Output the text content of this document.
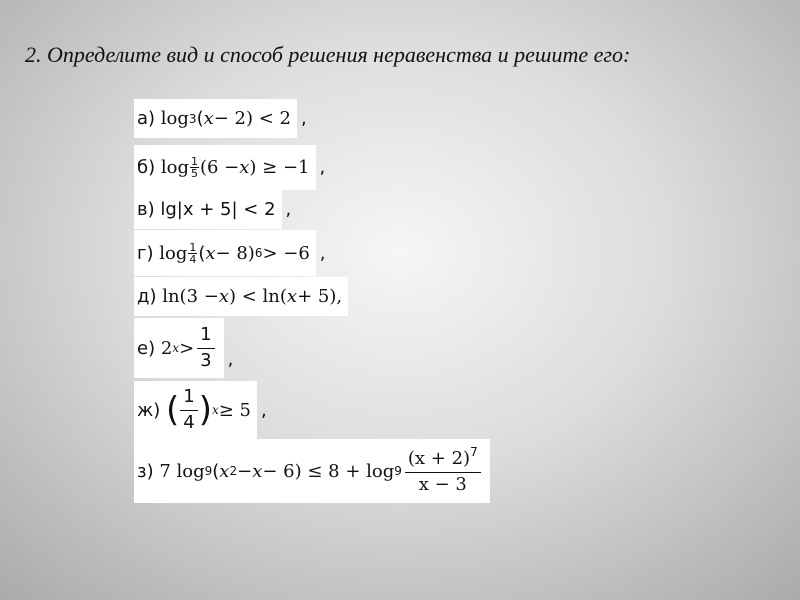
2. Определите вид и способ решения неравенства и решите его:
а)
log 3 ( x − 2) < 2 ,
б)
$\log \frac{1}{5} (6 - x$ ) ≥ −1 ,
в)
lg|x + 5| < 2 ,
г)
$\log \frac{1}{4}$ ( x − 8) 6 > −6 ,
д)
ln(3 − x ) < ln( x + 5),
е)
2 $x > \frac{1}{3}$ ,
ж)
( $\frac{1}{4}$ ) x ≥ 5 ,
з)
7 log 9 ( x $2 - x - 6) \le 8 + \log 9 \frac{(x + 2)^7}{x - 3}$
